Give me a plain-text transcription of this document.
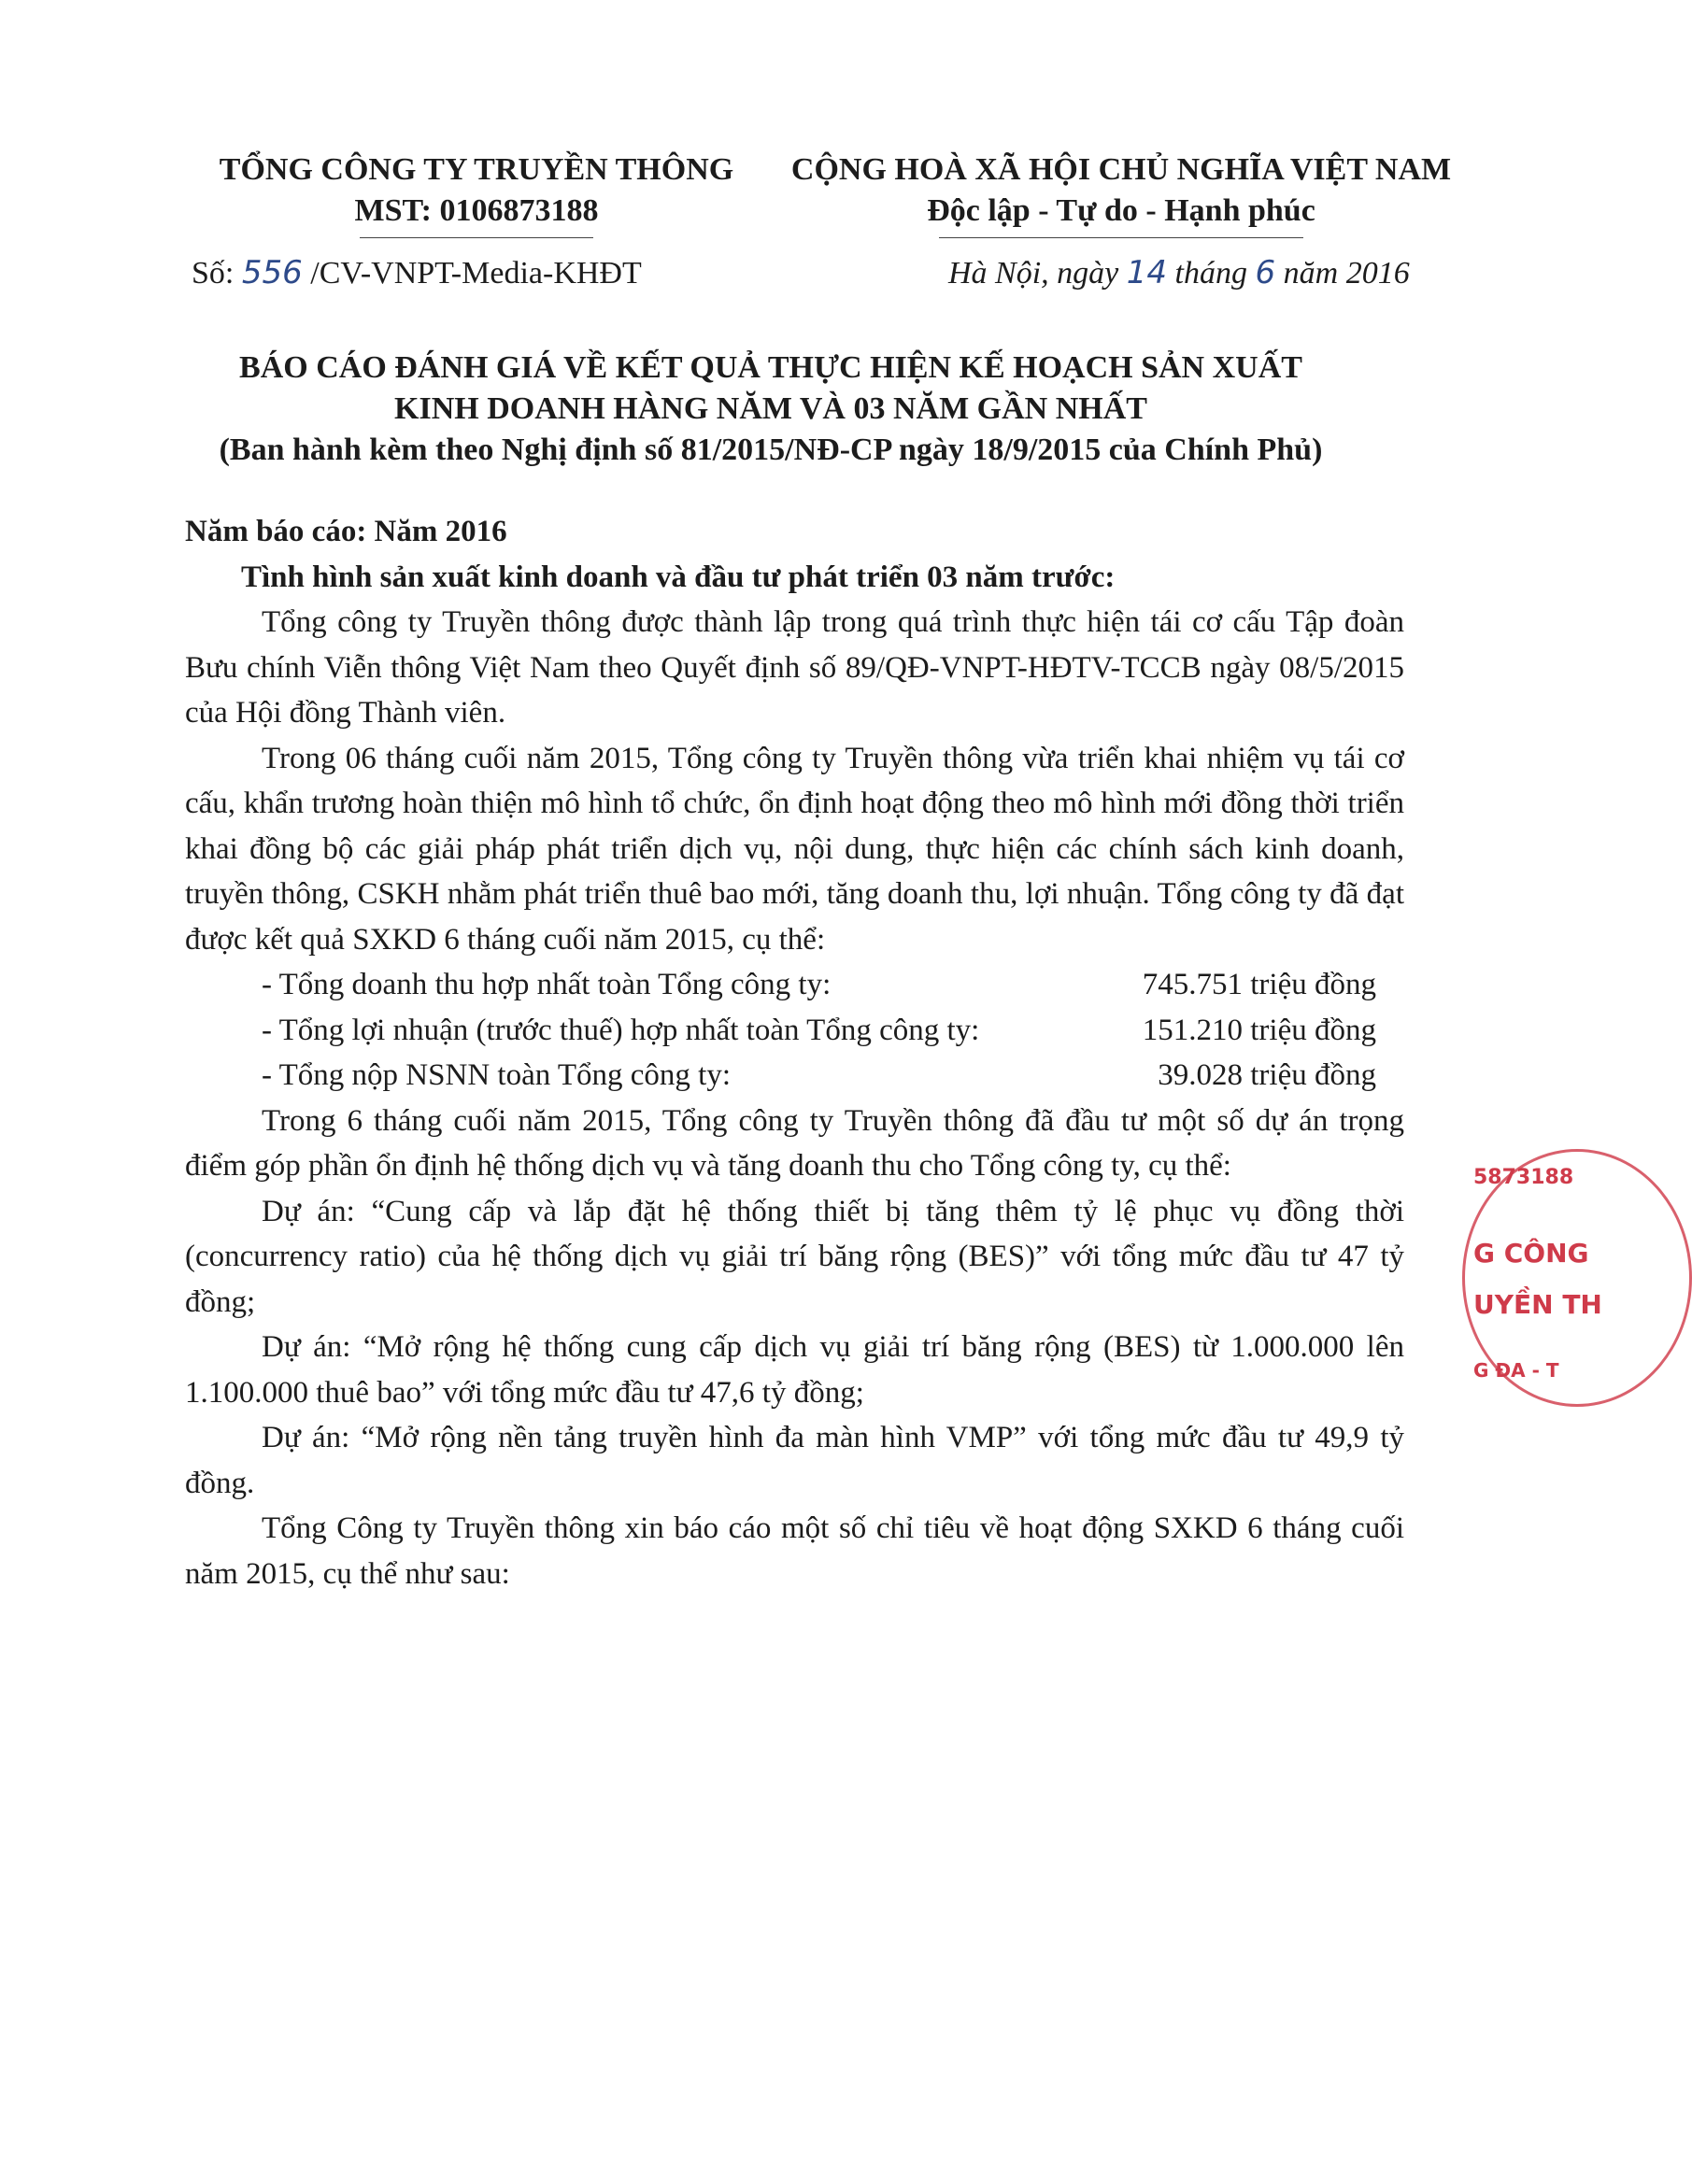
TỔNG CÔNG TY TRUYỀN THÔNG
MST: 0106873188
CỘNG HOÀ XÃ HỘI CHỦ NGHĨA VIỆT NAM
Độc lập - Tự do - Hạnh phúc
Số: 556 /CV-VNPT-Media-KHĐT	Hà Nội, ngày 14 tháng 6 năm 2016
BÁO CÁO ĐÁNH GIÁ VỀ KẾT QUẢ THỰC HIỆN KẾ HOẠCH SẢN XUẤT
KINH DOANH HÀNG NĂM VÀ 03 NĂM GẦN NHẤT
(Ban hành kèm theo Nghị định số 81/2015/NĐ-CP ngày 18/9/2015 của Chính Phủ)

Năm báo cáo: Năm 2016

Tình hình sản xuất kinh doanh và đầu tư phát triển 03 năm trước:

Tổng công ty Truyền thông được thành lập trong quá trình thực hiện tái cơ cấu Tập đoàn Bưu chính Viễn thông Việt Nam theo Quyết định số 89/QĐ-VNPT-HĐTV-TCCB ngày 08/5/2015 của Hội đồng Thành viên.

Trong 06 tháng cuối năm 2015, Tổng công ty Truyền thông vừa triển khai nhiệm vụ tái cơ cấu, khẩn trương hoàn thiện mô hình tổ chức, ổn định hoạt động theo mô hình mới đồng thời triển khai đồng bộ các giải pháp phát triển dịch vụ, nội dung, thực hiện các chính sách kinh doanh, truyền thông, CSKH nhằm phát triển thuê bao mới, tăng doanh thu, lợi nhuận. Tổng công ty đã đạt được kết quả SXKD 6 tháng cuối năm 2015, cụ thể:

- Tổng doanh thu hợp nhất toàn Tổng công ty:	745.751 triệu đồng
- Tổng lợi nhuận (trước thuế) hợp nhất toàn Tổng công ty:	151.210 triệu đồng
- Tổng nộp NSNN toàn Tổng công ty:	39.028 triệu đồng

Trong 6 tháng cuối năm 2015, Tổng công ty Truyền thông đã đầu tư một số dự án trọng điểm góp phần ổn định hệ thống dịch vụ và tăng doanh thu cho Tổng công ty, cụ thể:

Dự án: “Cung cấp và lắp đặt hệ thống thiết bị tăng thêm tỷ lệ phục vụ đồng thời (concurrency ratio) của hệ thống dịch vụ giải trí băng rộng (BES)” với tổng mức đầu tư 47 tỷ đồng;

Dự án: “Mở rộng hệ thống cung cấp dịch vụ giải trí băng rộng (BES) từ 1.000.000 lên 1.100.000 thuê bao” với tổng mức đầu tư 47,6 tỷ đồng;

Dự án: “Mở rộng nền tảng truyền hình đa màn hình VMP” với tổng mức đầu tư 49,9 tỷ đồng.

Tổng Công ty Truyền thông xin báo cáo một số chỉ tiêu về hoạt động SXKD 6 tháng cuối năm 2015, cụ thể như sau:

5873188
G CÔNG
UYỀN TH
G ĐA - T
